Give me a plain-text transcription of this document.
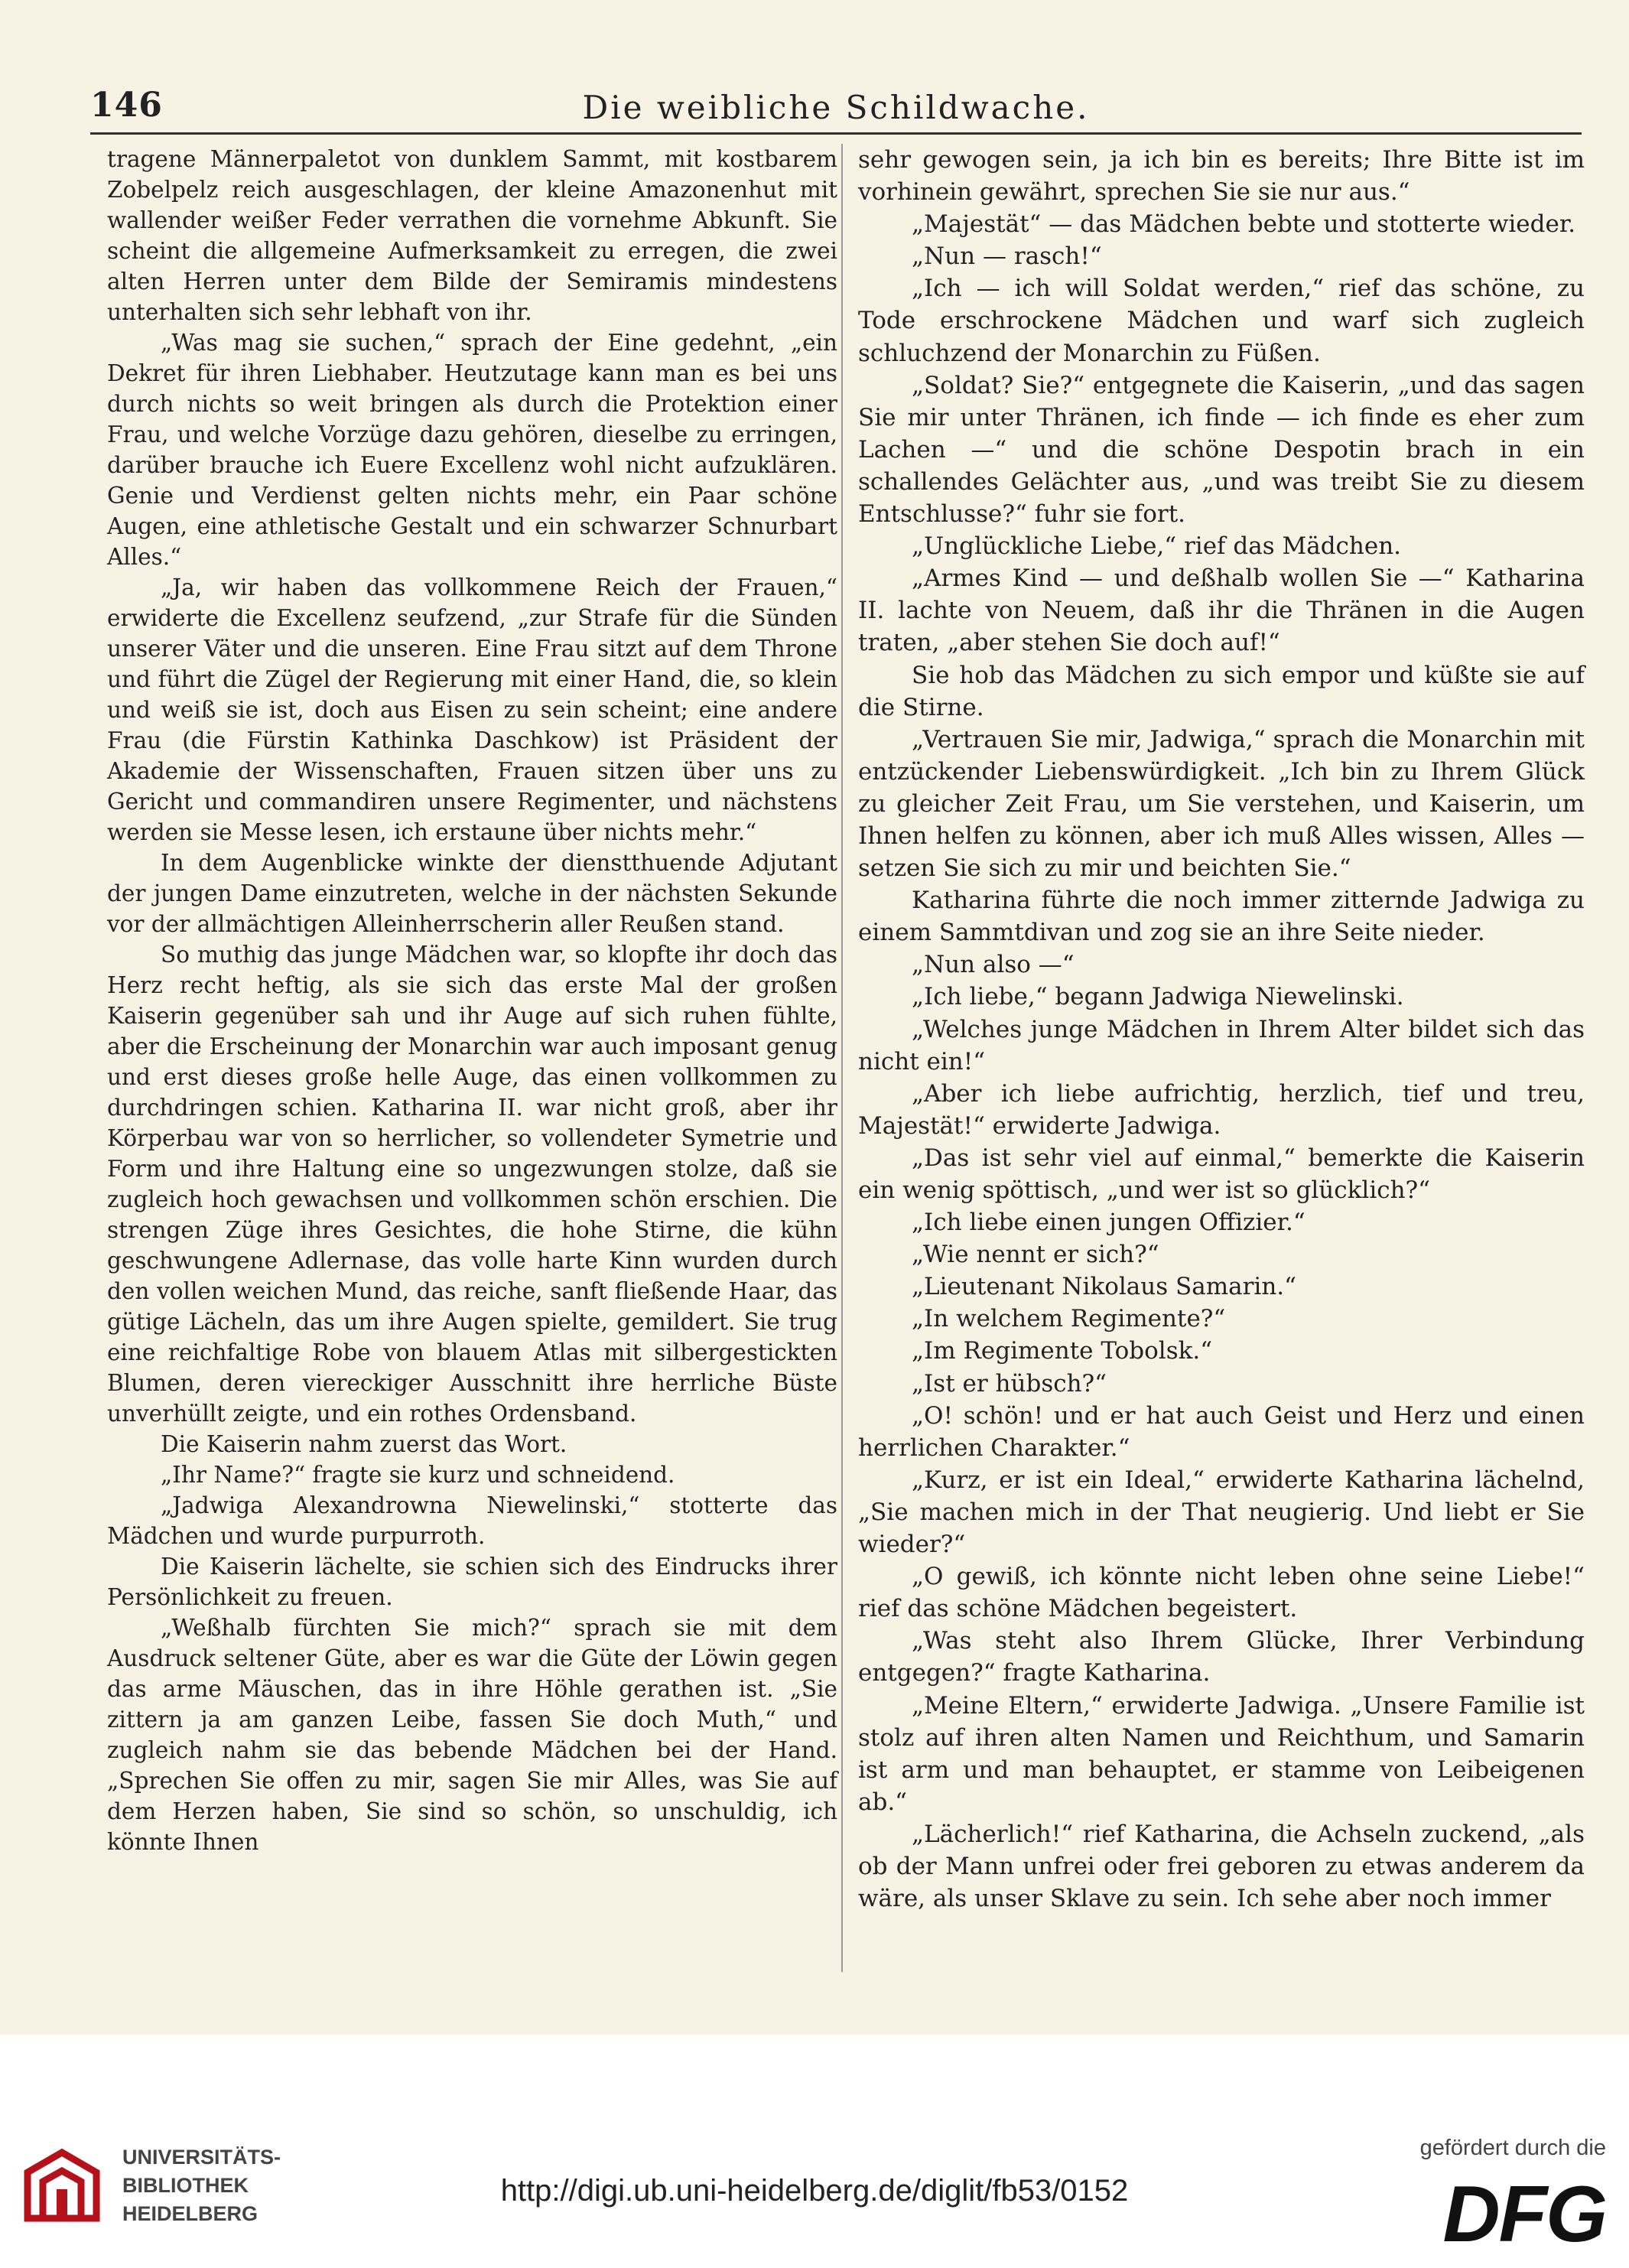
146	Die weibliche Schildwache.

tragene Männerpaletot von dunklem Sammt, mit kostbarem Zobelpelz reich ausgeschlagen, der kleine Amazonenhut mit wallender weißer Feder verrathen die vornehme Abkunft. Sie scheint die allgemeine Aufmerksamkeit zu erregen, die zwei alten Herren unter dem Bilde der Semiramis mindestens unterhalten sich sehr lebhaft von ihr.

„Was mag sie suchen,“ sprach der Eine gedehnt, „ein Dekret für ihren Liebhaber. Heutzutage kann man es bei uns durch nichts so weit bringen als durch die Protektion einer Frau, und welche Vorzüge dazu gehören, dieselbe zu erringen, darüber brauche ich Euere Excellenz wohl nicht aufzuklären. Genie und Verdienst gelten nichts mehr, ein Paar schöne Augen, eine athletische Gestalt und ein schwarzer Schnurbart Alles.“

„Ja, wir haben das vollkommene Reich der Frauen,“ erwiderte die Excellenz seufzend, „zur Strafe für die Sünden unserer Väter und die unseren. Eine Frau sitzt auf dem Throne und führt die Zügel der Regierung mit einer Hand, die, so klein und weiß sie ist, doch aus Eisen zu sein scheint; eine andere Frau (die Fürstin Kathinka Daschkow) ist Präsident der Akademie der Wissenschaften, Frauen sitzen über uns zu Gericht und commandiren unsere Regimenter, und nächstens werden sie Messe lesen, ich erstaune über nichts mehr.“

In dem Augenblicke winkte der dienstthuende Adjutant der jungen Dame einzutreten, welche in der nächsten Sekunde vor der allmächtigen Alleinherrscherin aller Reußen stand.

So muthig das junge Mädchen war, so klopfte ihr doch das Herz recht heftig, als sie sich das erste Mal der großen Kaiserin gegenüber sah und ihr Auge auf sich ruhen fühlte, aber die Erscheinung der Monarchin war auch imposant genug und erst dieses große helle Auge, das einen vollkommen zu durchdringen schien. Katharina II. war nicht groß, aber ihr Körperbau war von so herrlicher, so vollendeter Symetrie und Form und ihre Haltung eine so ungezwungen stolze, daß sie zugleich hoch gewachsen und vollkommen schön erschien. Die strengen Züge ihres Gesichtes, die hohe Stirne, die kühn geschwungene Adlernase, das volle harte Kinn wurden durch den vollen weichen Mund, das reiche, sanft fließende Haar, das gütige Lächeln, das um ihre Augen spielte, gemildert. Sie trug eine reichfaltige Robe von blauem Atlas mit silbergestickten Blumen, deren viereckiger Ausschnitt ihre herrliche Büste unverhüllt zeigte, und ein rothes Ordensband.

Die Kaiserin nahm zuerst das Wort.

„Ihr Name?“ fragte sie kurz und schneidend.

„Jadwiga Alexandrowna Niewelinski,“ stotterte das Mädchen und wurde purpurroth.

Die Kaiserin lächelte, sie schien sich des Eindrucks ihrer Persönlichkeit zu freuen.

„Weßhalb fürchten Sie mich?“ sprach sie mit dem Ausdruck seltener Güte, aber es war die Güte der Löwin gegen das arme Mäuschen, das in ihre Höhle gerathen ist. „Sie zittern ja am ganzen Leibe, fassen Sie doch Muth,“ und zugleich nahm sie das bebende Mädchen bei der Hand. „Sprechen Sie offen zu mir, sagen Sie mir Alles, was Sie auf dem Herzen haben, Sie sind so schön, so unschuldig, ich könnte Ihnen

sehr gewogen sein, ja ich bin es bereits; Ihre Bitte ist im vorhinein gewährt, sprechen Sie sie nur aus.“

„Majestät“ — das Mädchen bebte und stotterte wieder.

„Nun — rasch!“

„Ich — ich will Soldat werden,“ rief das schöne, zu Tode erschrockene Mädchen und warf sich zugleich schluchzend der Monarchin zu Füßen.

„Soldat? Sie?“ entgegnete die Kaiserin, „und das sagen Sie mir unter Thränen, ich finde — ich finde es eher zum Lachen —“ und die schöne Despotin brach in ein schallendes Gelächter aus, „und was treibt Sie zu diesem Entschlusse?“ fuhr sie fort.

„Unglückliche Liebe,“ rief das Mädchen.

„Armes Kind — und deßhalb wollen Sie —“ Katharina II. lachte von Neuem, daß ihr die Thränen in die Augen traten, „aber stehen Sie doch auf!“

Sie hob das Mädchen zu sich empor und küßte sie auf die Stirne.

„Vertrauen Sie mir, Jadwiga,“ sprach die Monarchin mit entzückender Liebenswürdigkeit. „Ich bin zu Ihrem Glück zu gleicher Zeit Frau, um Sie verstehen, und Kaiserin, um Ihnen helfen zu können, aber ich muß Alles wissen, Alles — setzen Sie sich zu mir und beichten Sie.“

Katharina führte die noch immer zitternde Jadwiga zu einem Sammtdivan und zog sie an ihre Seite nieder.

„Nun also —“

„Ich liebe,“ begann Jadwiga Niewelinski.

„Welches junge Mädchen in Ihrem Alter bildet sich das nicht ein!“

„Aber ich liebe aufrichtig, herzlich, tief und treu, Majestät!“ erwiderte Jadwiga.

„Das ist sehr viel auf einmal,“ bemerkte die Kaiserin ein wenig spöttisch, „und wer ist so glücklich?“

„Ich liebe einen jungen Offizier.“

„Wie nennt er sich?“

„Lieutenant Nikolaus Samarin.“

„In welchem Regimente?“

„Im Regimente Tobolsk.“

„Ist er hübsch?“

„O! schön! und er hat auch Geist und Herz und einen herrlichen Charakter.“

„Kurz, er ist ein Ideal,“ erwiderte Katharina lächelnd, „Sie machen mich in der That neugierig. Und liebt er Sie wieder?“

„O gewiß, ich könnte nicht leben ohne seine Liebe!“ rief das schöne Mädchen begeistert.

„Was steht also Ihrem Glücke, Ihrer Verbindung entgegen?“ fragte Katharina.

„Meine Eltern,“ erwiderte Jadwiga. „Unsere Familie ist stolz auf ihren alten Namen und Reichthum, und Samarin ist arm und man behauptet, er stamme von Leibeigenen ab.“

„Lächerlich!“ rief Katharina, die Achseln zuckend, „als ob der Mann unfrei oder frei geboren zu etwas anderem da wäre, als unser Sklave zu sein. Ich sehe aber noch immer

UNIVERSITÄTS-
BIBLIOTHEK
HEIDELBERG
http://digi.ub.uni-heidelberg.de/diglit/fb53/0152
gefördert durch die
DFG
